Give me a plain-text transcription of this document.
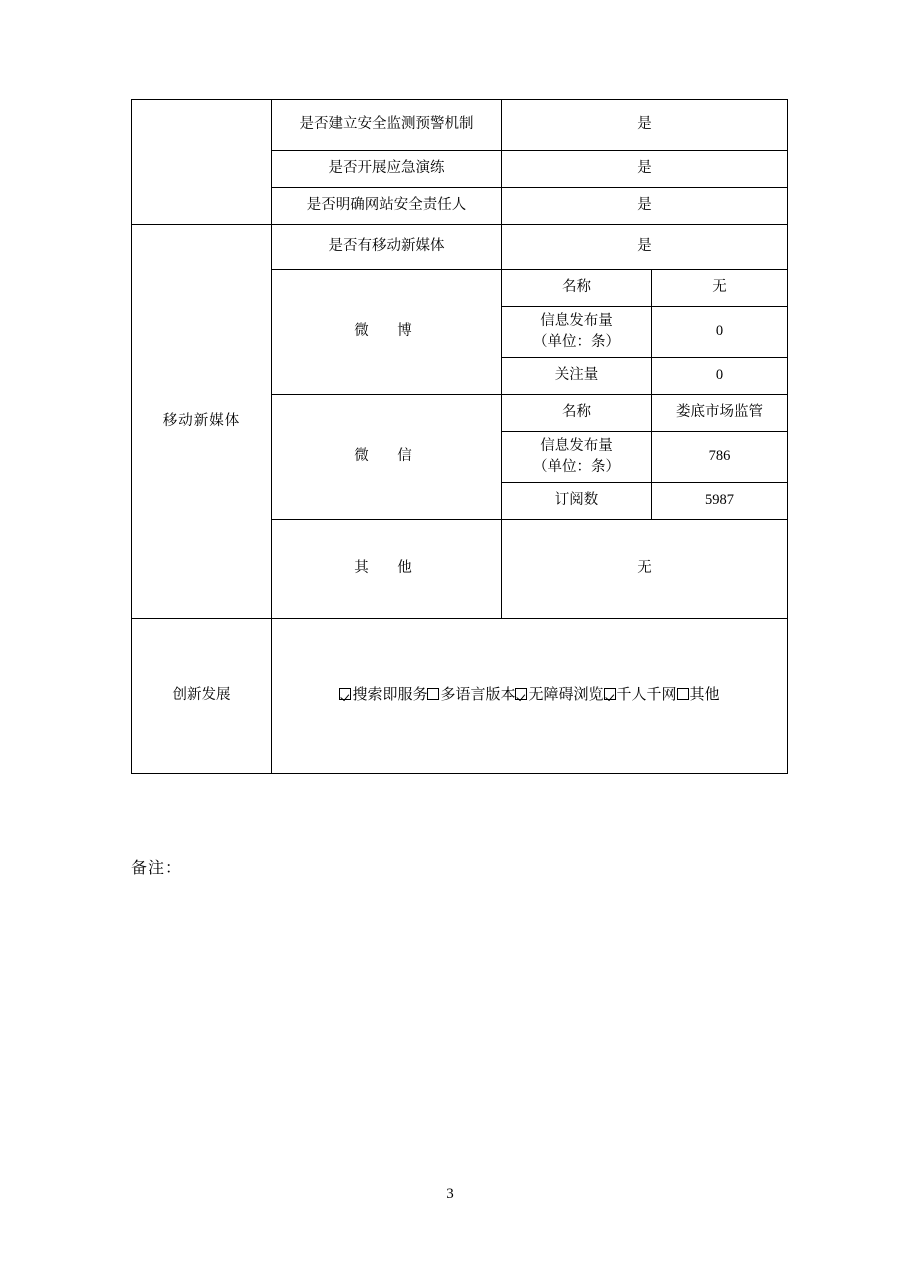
	是否建立安全监测预警机制	是	
	是否开展应急演练	是	
	是否明确网站安全责任人	是	
移动新媒体	是否有移动新媒体	是	
	微　博	名称	无

		信息发布量
（单位：条）	0
		关注量	0
	微　信	名称	娄底市场监管

		信息发布量
（单位：条）	786
		订阅数	5987
	其　他	无	
创新发展	搜索即服务 多语言版本 无障碍浏览 千人千网 其他		
备注：
3
